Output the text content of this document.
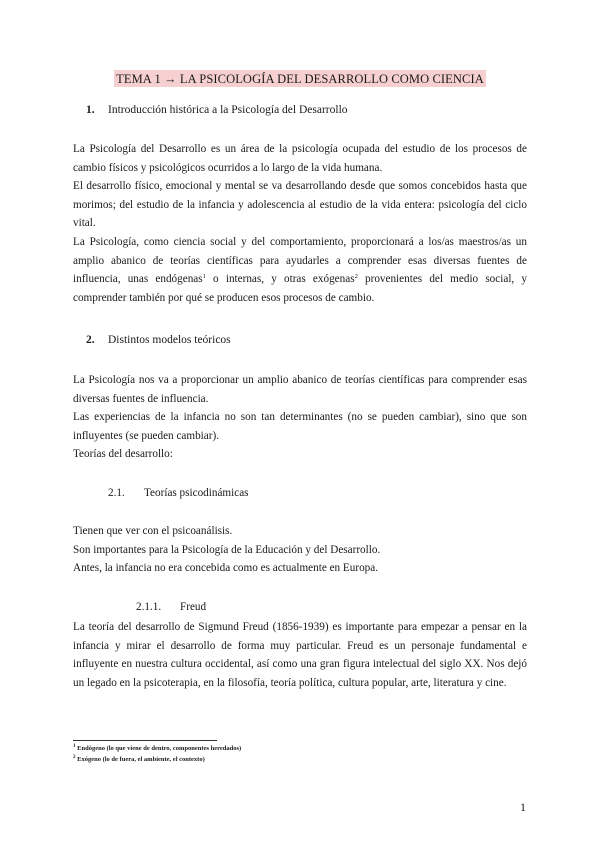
TEMA 1 → LA PSICOLOGÍA DEL DESARROLLO COMO CIENCIA
1. Introducción histórica a la Psicología del Desarrollo
La Psicología del Desarrollo es un área de la psicología ocupada del estudio de los procesos de cambio físicos y psicológicos ocurridos a lo largo de la vida humana.
El desarrollo físico, emocional y mental se va desarrollando desde que somos concebidos hasta que morimos; del estudio de la infancia y adolescencia al estudio de la vida entera: psicología del ciclo vital.
La Psicología, como ciencia social y del comportamiento, proporcionará a los/as maestros/as un amplio abanico de teorías científicas para ayudarles a comprender esas diversas fuentes de influencia, unas endógenas$^1$ o internas, y otras exógenas$^2$ provenientes del medio social, y comprender también por qué se producen esos procesos de cambio.
2. Distintos modelos teóricos
La Psicología nos va a proporcionar un amplio abanico de teorías científicas para comprender esas diversas fuentes de influencia.
Las experiencias de la infancia no son tan determinantes (no se pueden cambiar), sino que son influyentes (se pueden cambiar).
Teorías del desarrollo:
2.1. Teorías psicodinámicas
Tienen que ver con el psicoanálisis.
Son importantes para la Psicología de la Educación y del Desarrollo.
Antes, la infancia no era concebida como es actualmente en Europa.
2.1.1. Freud
La teoría del desarrollo de Sigmund Freud (1856-1939) es importante para empezar a pensar en la infancia y mirar el desarrollo de forma muy particular. Freud es un personaje fundamental e influyente en nuestra cultura occidental, así como una gran figura intelectual del siglo XX. Nos dejó un legado en la psicoterapia, en la filosofía, teoría política, cultura popular, arte, literatura y cine.
$^1$ Endógeno (lo que viene de dentro, componentes heredados)
$^2$ Exógeno (lo de fuera, el ambiente, el contexto)
1
